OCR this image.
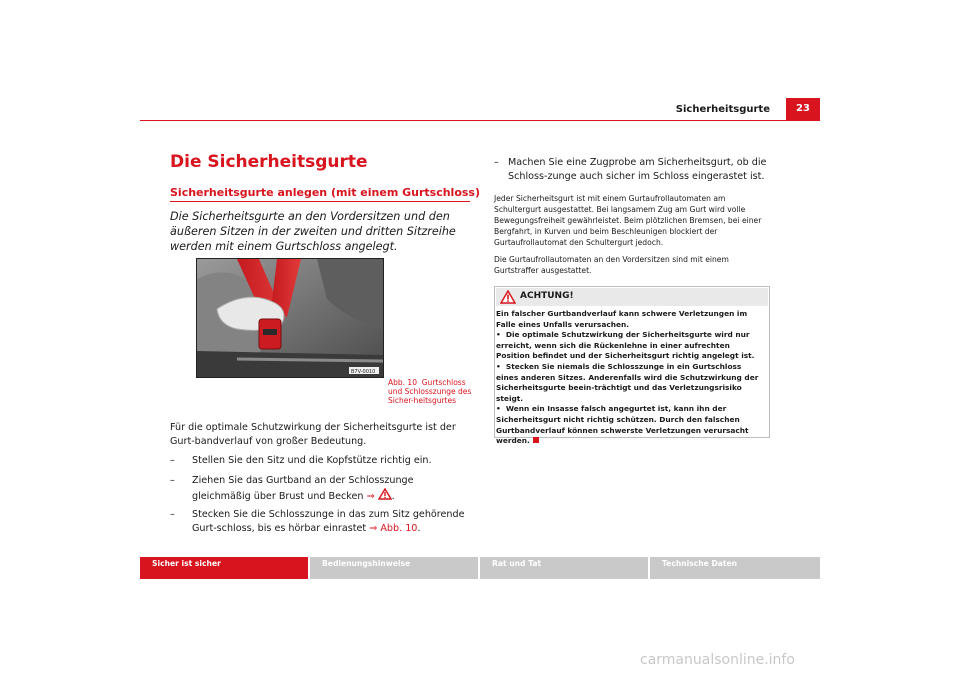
Sicherheitsgurte	23
Die Sicherheitsgurte
Sicherheitsgurte anlegen (mit einem Gurtschloss)
Die Sicherheitsgurte an den Vordersitzen und den äußeren Sitzen in der zweiten und dritten Sitzreihe werden mit einem Gurtschloss angelegt.
B7V-0010
Abb. 10 Gurtschloss und Schlosszunge des Sicher-heitsgurtes
Für die optimale Schutzwirkung der Sicherheitsgurte ist der Gurt-bandverlauf von großer Bedeutung.
– Stellen Sie den Sitz und die Kopfstütze richtig ein.
– Ziehen Sie das Gurtband an der Schlosszunge gleichmäßig über Brust und Becken ⇒ .
– Stecken Sie die Schlosszunge in das zum Sitz gehörende Gurt-schloss, bis es hörbar einrastet ⇒ Abb. 10.
– Machen Sie eine Zugprobe am Sicherheitsgurt, ob die Schloss-zunge auch sicher im Schloss eingerastet ist.
Jeder Sicherheitsgurt ist mit einem Gurtaufrollautomaten am Schultergurt ausgestattet. Bei langsamem Zug am Gurt wird volle Bewegungsfreiheit gewährleistet. Beim plötzlichen Bremsen, bei einer Bergfahrt, in Kurven und beim Beschleunigen blockiert der Gurtaufrollautomat den Schultergurt jedoch.
Die Gurtaufrollautomaten an den Vordersitzen sind mit einem Gurtstraffer ausgestattet.
ACHTUNG!
Ein falscher Gurtbandverlauf kann schwere Verletzungen im Falle eines Unfalls verursachen.
• Die optimale Schutzwirkung der Sicherheitsgurte wird nur erreicht, wenn sich die Rückenlehne in einer aufrechten Position befindet und der Sicherheitsgurt richtig angelegt ist.
• Stecken Sie niemals die Schlosszunge in ein Gurtschloss eines anderen Sitzes. Anderenfalls wird die Schutzwirkung der Sicherheitsgurte beein-trächtigt und das Verletzungsrisiko steigt.
• Wenn ein Insasse falsch angegurtet ist, kann ihn der Sicherheitsgurt nicht richtig schützen. Durch den falschen Gurtbandverlauf können schwerste Verletzungen verursacht werden.
Sicher ist sicher	Bedienungshinweise	Rat und Tat	Technische Daten
carmanualsonline.info
